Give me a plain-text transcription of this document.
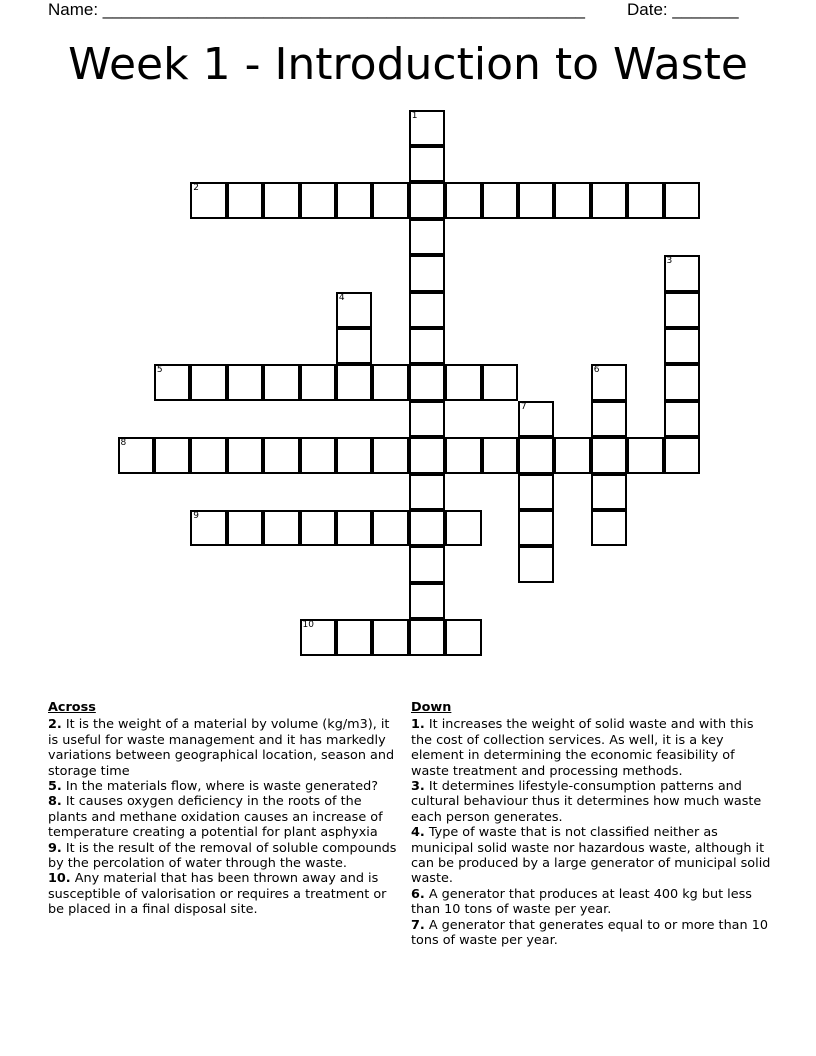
Name: ___________________________________________________ Date: _______
Week 1 - Introduction to Waste
1
2
3
4
5	6
7
8
9
10
Across

2. It is the weight of a material by volume (kg/m3), it is useful for waste management and it has markedly variations between geographical location, season and storage time

5. In the materials flow, where is waste generated?

8. It causes oxygen deficiency in the roots of the plants and methane oxidation causes an increase of temperature creating a potential for plant asphyxia

9. It is the result of the removal of soluble compounds by the percolation of water through the waste.

10. Any material that has been thrown away and is susceptible of valorisation or requires a treatment or be placed in a final disposal site.

Down

1. It increases the weight of solid waste and with this the cost of collection services. As well, it is a key element in determining the economic feasibility of waste treatment and processing methods.

3. It determines lifestyle-consumption patterns and cultural behaviour thus it determines how much waste each person generates.

4. Type of waste that is not classified neither as municipal solid waste nor hazardous waste, although it can be produced by a large generator of municipal solid waste.

6. A generator that produces at least 400 kg but less than 10 tons of waste per year.

7. A generator that generates equal to or more than 10 tons of waste per year.
